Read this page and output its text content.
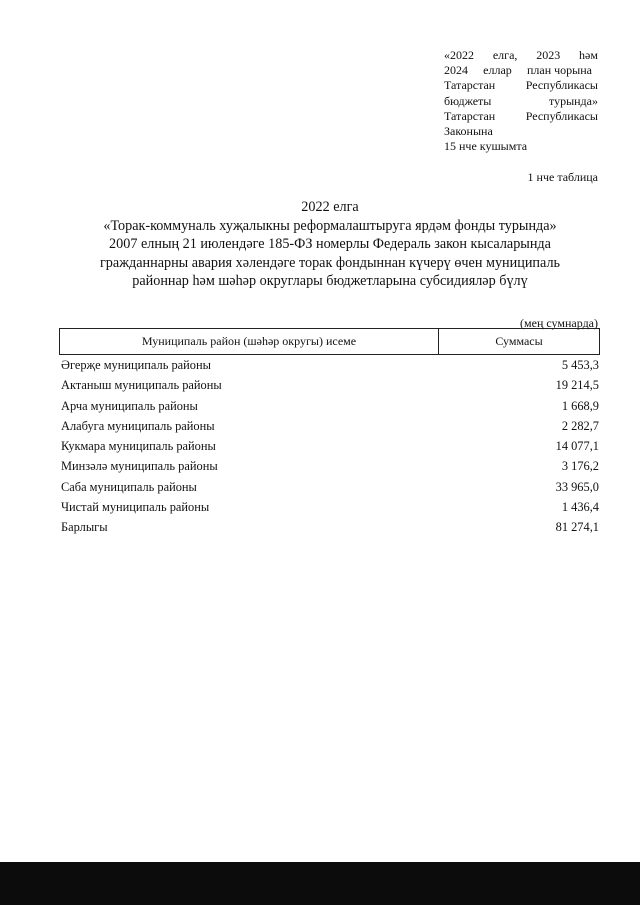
«2022 елга, 2023 һәм
2024 еллар план чорына
Татарстан	Республикасы
бюджеты	турында»
Татарстан	Республикасы
Законына
15 нче кушымта
1 нче таблица
2022 елга
«Торак-коммуналь хуҗалыкны реформалаштыруга ярдәм фонды турында»
2007 елның 21 июлендәге 185-ФЗ номерлы Федераль закон кысаларында
гражданнарны авария хәлендәге торак фондыннан күчерү өчен муниципаль
районнар һәм шәһәр округлары бюджетларына субсидияләр бүлү
(мең сумнарда)
Муниципаль район (шәһәр округы) исеме	Суммасы
Әгерҗе муниципаль районы	5 453,3
Актаныш муниципаль районы	19 214,5
Арча муниципаль районы	1 668,9
Алабуга муниципаль районы	2 282,7
Кукмара муниципаль районы	14 077,1
Минзәлә муниципаль районы	3 176,2
Саба муниципаль районы	33 965,0
Чистай муниципаль районы	1 436,4
Барлыгы	81 274,1
